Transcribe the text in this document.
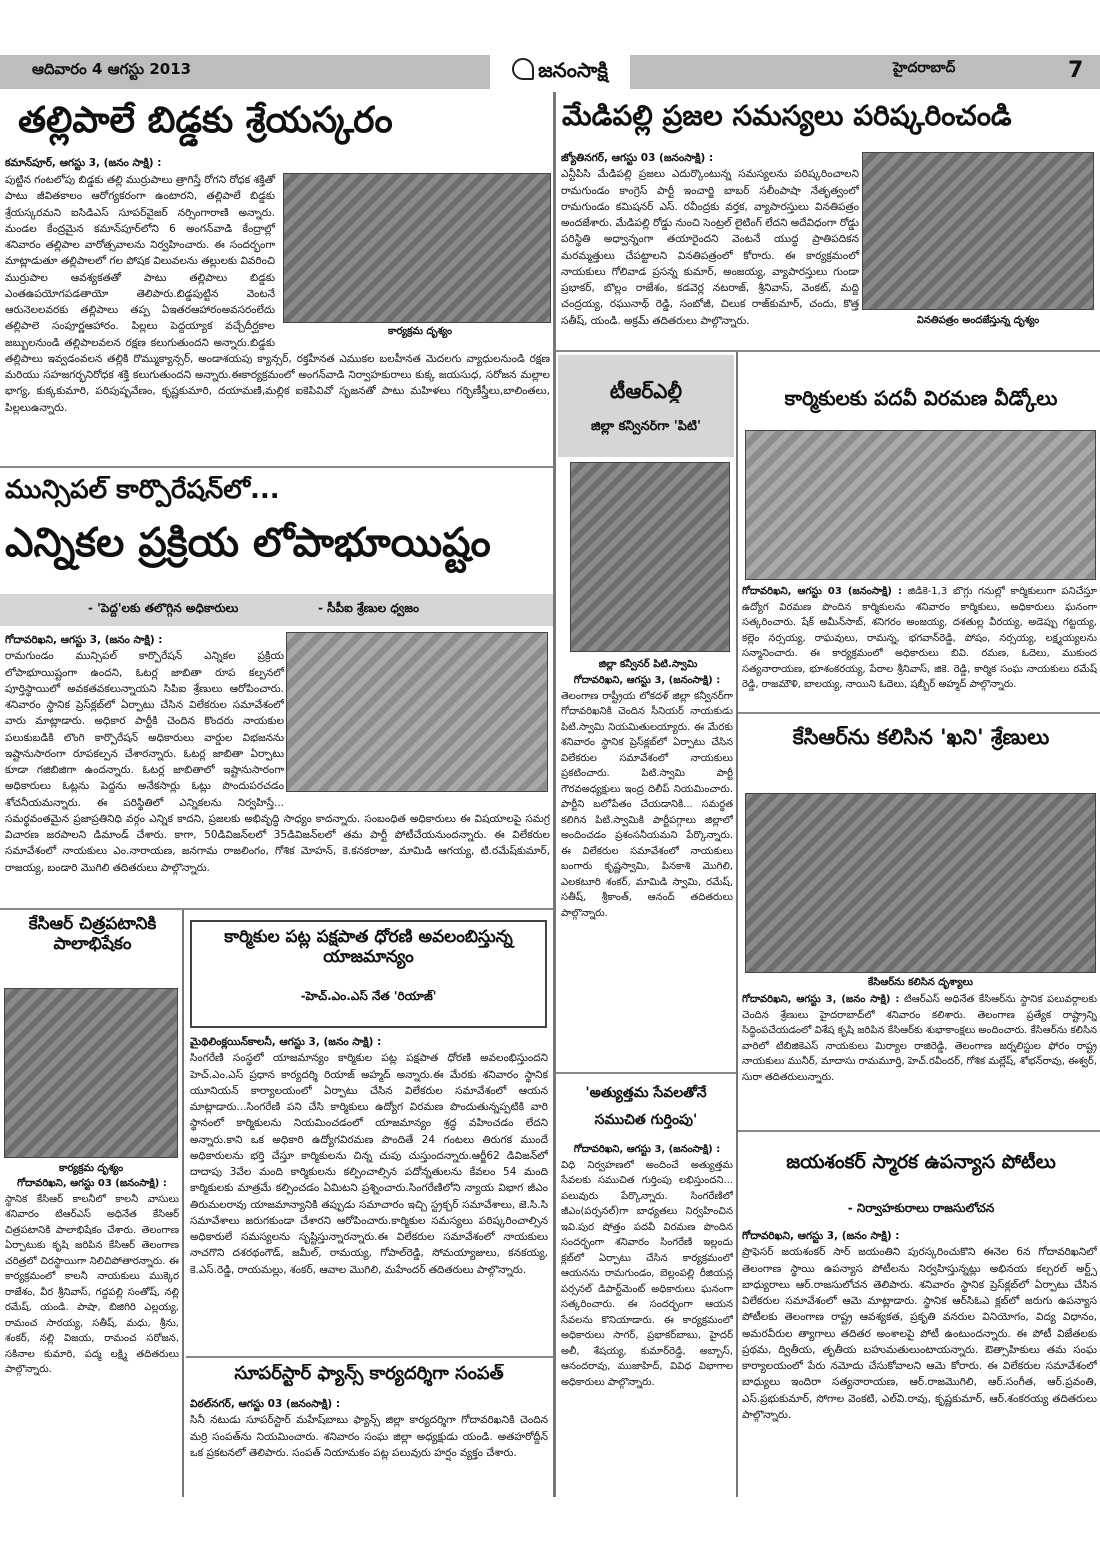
ఆదివారం 4 ఆగస్టు 2013	జనంసాక్షి	హైదరాబాద్	7
తల్లిపాలే బిడ్డకు శ్రేయస్కరం
కార్యక్రమ దృశ్యం
కమాన్‌పూర్, ఆగస్టు 3, (జనం సాక్షి) :
పుట్టిన గంటలోపు బిడ్డకు తల్లి ముర్రుపాలు త్రాగిస్తే రోగని రోధక శక్తితో పాటు జీవితకాలం ఆరోగ్యకరంగా ఉంటారని, తల్లిపాలే బిడ్డకు శ్రేయస్కరమని ఐసిడిఎస్ సూపర్‌వైజర్ నర్సింగారాణి అన్నారు. మండల కేంద్రమైన కమాన్‌పూర్‌లోని 6 అంగన్‌వాడి కేంద్రాల్లో శనివారం తల్లిపాల వారోత్సవాలను నిర్వహించారు. ఈ సందర్భంగా మాట్లాడుతూ తల్లిపాలలో గల పోషక విలువలను తల్లులకు వివరించి ముర్రుపాల ఆవశ్యకతతో పాటు తల్లిపాలు బిడ్డకు ఎంతఉపయోగపడతాయో తెలిపారు.బిడ్డపుట్టిన వెంటనే ఆరునెలలవరకు తల్లిపాలు తప్ప ఏఇతరఆహారంఅవసరంలేదు తల్లిపాలె సంపూర్ణఆహారం. పిల్లలు పెద్దయ్యాక వచ్చేదీర్ఘకాల జబ్బులనుండి తల్లిపాలవలన రక్షణ కలుగుతుందని అన్నారు.బిడ్డకు తల్లిపాలు ఇవ్వడంవలన తల్లికి రొమ్ముక్యాన్సర్, అండాశయపు క్యాన్సర్, రక్తహీనత ఎముకల బలహీనత మెదలగు వ్యాధులనుండి రక్షణ మరియు సహజగర్భనిరోధక శక్తి కలుగుతుందని అన్నారు.ఈకార్యక్రమంలో అంగన్‌వాడి నిర్వాహకురాలు కుక్క జయసుధ, సరోజన మల్లాల భాగ్య, కుక్కకుమారి, పరిపుష్పవేణం, కృష్ణకుమారి, దయామణి,మల్లిక ఐకెపివివో సృజనతో పాటు మహిళలు గర్భిణీస్త్రీలు,బాలింతలు, పిల్లలుఉన్నారు.
మున్సిపల్ కార్పొరేషన్‌లో...
ఎన్నికల ప్రక్రియ లోపాభూయిష్టం
- 'పెద్ద'లకు తలొగ్గిన అధికారులు	- సీపీఐ శ్రేణుల ధ్వజం
గోదావరిఖని, ఆగస్టు 3, (జనం సాక్షి) :
రామగుండం మున్సిపల్ కార్పొరేషన్ ఎన్నికల ప్రక్రియ లోపాభూయిష్టంగా ఉందని, ఓటర్ల జాబితా రూప కల్పనలో పూర్తిస్థాయిలో అవకతవకలున్నాయని సిపిఐ శ్రేణులు ఆరోపించారు. శనివారం స్థానిక ప్రెస్‌క్లబ్‌లో ఏర్పాటు చేసిన విలేకరుల సమావేశంలో వారు మాట్లాడారు. అధికార పార్టీకి చెందిన కొందరు నాయకుల పలుకుబడికి లొంగి కార్పొరేషన్ అధికారులు వార్డుల విభజనను ఇష్టానుసారంగా రూపకల్పన చేశారన్నారు. ఓటర్ల జాబితా ఏర్పాటు కూడా గజిబిజిగా ఉందన్నారు. ఓటర్ల జాబితాలో ఇష్టానుసారంగా అధికారులు ఓట్లను పెద్దను అనేకసార్లు ఓట్లు పొందుపరచడం శోచనీయమన్నారు. ఈ పరిస్థితిలో ఎన్నికలను నిర్వహిస్తే... సమర్థవంతమైన ప్రజాప్రతినిధి వర్గం ఎన్నిక కాదని, ప్రజలకు అభివృద్ధి సాధ్యం కాదన్నారు. సంబంధిత అధికారులు ఈ విషయాలపై సమగ్ర విచారణ జరపాలని డిమాండ్ చేశారు. కాగా, 50డివిజన్‌లలో 35డివిజన్‌లలో తమ పార్టీ పోటీచేయనుందన్నారు. ఈ విలేకరుల సమావేశంలో నాయకులు ఎం.నారాయణ, జనగామ రాజలింగం, గోశిక మోహన్, కె.కనకరాజు, మామిడి ఆగయ్య, టి.రమేష్‌కుమార్, రాజయ్య, బండారి మొగిలి తదితరులు పాల్గొన్నారు.
కేసిఆర్ చిత్రపటానికి పాలాభిషేకం
కార్యక్రమ దృశ్యం
గోదావరిఖని, ఆగస్టు 03 (జనంసాక్షి) :
స్థానిక కేసిఆర్ కాలనీలో కాలనీ వాసులు శనివారం టిఆర్ఎస్ అధినేత కేసిఆర్ చిత్రపటానికి పాలాభిషేకం చేశారు. తెలంగాణ ఏర్పాటుకు కృషి జరిపిన కేసిఆర్ తెలంగాణ చరిత్రలో చిరస్థాయిగా నిలిచిపోతారన్నారు. ఈ కార్యక్రమంలో కాలనీ నాయకులు ముక్కెర రాజేశం, వీర శ్రీనివాస్, గద్దపల్లి సంతోష్, నల్లి రమేష్, యండి. పాషా, బిజిగిరి ఎల్లయ్య, రామంచ సారయ్య, సతీష్, మధు, శ్రీను, శంకర్, నల్లి విజయ, రామంచ సరోజన, సకినాల కుమారి, పద్మ లక్ష్మి తదితరులు పాల్గొన్నారు.
కార్మికుల పట్ల పక్షపాత ధోరణి అవలంబిస్తున్న యాజమాన్యం
-హెచ్.ఎం.ఎస్ నేత 'రియాజ్'
మైథిలింక్లయిన్‌కాలనీ, ఆగస్టు 3, (జనం సాక్షి) :
సింగరేణి సంస్థలో యాజమాన్యం కార్మికుల పట్ల పక్షపాత ధోరణి అవలంభిస్తుందని హెచ్.ఎం.ఎస్ ప్రధాన కార్యదర్శి రియాజ్ అహ్మద్ అన్నారు.ఈ మేరకు శనివారం స్థానిక యూనియన్ కార్యాలయంలో ఏర్పాటు చేసిన విలేకరుల సమావేశంలో ఆయన మాట్లాడారు...సింగరేణి పని చేసి కార్మికులు ఉద్యోగ విరమణ పొందుతున్నప్పటికి వారి స్థానంలో కార్మికులను నియమించడంలో యాజమాన్యం శ్రద్ధ వహించడం లేదని అన్నారు.కాని ఒక అధికారి ఉద్యోగవిరమణ పొందితే 24 గంటలు తిరుగక ముందే అధికారులను భర్తి చేస్తూ కార్మికులను చిన్న చుపు చుస్తుందన్నారు.ఆర్జీ62 డివిజన్‌లో దాదాపు 3వేల మంది కార్మికులను కల్పించాల్సిన పదోన్నతులను కేవలం 54 మంది కార్మికులకు మాత్రమే కల్పించడం ఏమిటని ప్రశ్నించారు.సింగరేణిలోని న్యాయ విభాగ జీఎం తిరుమలరావు యాజమాన్యానికి తప్పుడు సమాచారం ఇచ్చి స్ట్రక్చర్ సమావేశాలు, జె.సి.సి సమావేశాలు జరుగకుండా చేశారని ఆరోపించారు.కార్మికుల సమస్యలు పరిష్కరించాల్సిన అధికారులే సమస్యలను సృష్టిస్తున్నారన్నారు.ఈ విలేకరుల సమావేశంలో నాయకులు నాచగొని దశరథంగౌడ్, జమీల్, రామయ్య, గోపాల్‌రెడ్డి, సోమయ్యాజులు, కనకయ్య, కె.ఎస్.రెడ్డి, రాయమల్లు, శంకర్, ఆవాల మొగిలి, మహేందర్ తదితరులు పాల్గొన్నారు.
సూపర్‌స్టార్ ఫ్యాన్స్ కార్యదర్శిగా సంపత్
విఠల్‌నగర్, ఆగస్టు 03 (జనంసాక్షి) :
సినీ నటుడు సూపర్‌స్టార్ మహేష్‌బాబు ఫ్యాన్స్ జిల్లా కార్యదర్శిగా గోదావరిఖనికి చెందిన మర్రి సంపత్‌ను నియమించారు. శనివారం సంఘ జిల్లా అధ్యక్షుడు యండి. అతహరోద్దీన్ ఒక ప్రకటనలో తెలిపారు. సంపత్ నియామకం పట్ల పలువురు హర్షం వ్యక్తం చేశారు.
మేడిపల్లి ప్రజల సమస్యలు పరిష్కరించండి
వినతిపత్రం అందజేస్తున్న దృశ్యం
జ్యోతినగర్, ఆగస్టు 03 (జనంసాక్షి) :
ఎన్టీపిసి మేడిపల్లి ప్రజలు ఎదుర్కొంటున్న సమస్యలను పరిష్కరించాలని రామగుండం కాంగ్రెస్ పార్టీ ఇంచార్జి బాబర్ సలీంపాషా నేతృత్వంలో రామగుండం కమిషనర్ ఎస్. రవీంద్రకు వర్తక, వ్యాపారస్తులు వినతిపత్రం అందజేశారు. మేడిపల్లి రోడ్డు నుంచి సెంట్రల్ లైటింగ్ లేదని అదేవిధంగా రోడ్డు పరిస్థితి అధ్వాన్నంగా తయారైందని వెంటనే యుద్ధ ప్రాతిపదికన మరమ్మత్తులు చేపట్టాలని వినతిపత్రంలో కోరారు. ఈ కార్యక్రమంలో నాయకులు గోలివాడ ప్రసన్న కుమార్, అంజయ్య, వ్యాపారస్తులు గుండా ప్రభాకర్, బొల్లం రాజేశం, కడవెర్ల నటరాజ్, శ్రీనివాస్, వెంకట్, మద్ది చంద్రయ్య, రఘునాథ్ రెడ్డి, సంబోజీ, చిలుక రాజ్‌కుమార్, చందు, కొత్త సతీష్, యండి. అక్రమ్ తదితరులు పాల్గొన్నారు.
టీఆర్ఎల్డీ
జిల్లా కన్వీనర్‌గా 'పిటి'
జిల్లా కన్వీనర్ పిటి.స్వామి
గోదావరిఖని, ఆగస్టు 3, (జనంసాక్షి) :
తెలంగాణ రాష్ట్రీయ లోకదళ్ జిల్లా కన్వీనర్‌గా గోదావరిఖనికి చెందిన సీనియర్ నాయకుడు పిటి.స్వామి నియమితులయ్యారు. ఈ మేరకు శనివారం స్థానిక ప్రెస్‌క్లబ్‌లో ఏర్పాటు చేసిన విలేకరుల సమావేశంలో నాయకులు ప్రకటించారు. పిటి.స్వామి పార్టీ గౌరవఅధ్యక్షులు ఇంద్ర దిలీప్ నియమించారు. పార్టీని బలోపేతం చేయడానికి... సమర్థత కలిగిన పిటి.స్వామికి పార్టీపగ్గాలు జిల్లాలో అందించడం ప్రశంసనీయమని పేర్కొన్నారు. ఈ విలేకరుల సమావేశంలో నాయకులు బంగారు కృష్ణస్వామి, పినకాశి మొగిలి, ఎలకటూరి శంకర్, మామిడి స్వామి, రమేష్, సతీష్, శ్రీకాంత్, ఆనంద్ తదితరులు పాల్గొన్నారు.
'అత్యుత్తమ సేవలతోనే సముచిత గుర్తింపు'
గోదావరిఖని, ఆగస్టు 3, (జనంసాక్షి) :
విధి నిర్వహణలో అందించే అత్యుత్తమ సేవలకు సముచిత గుర్తింపు లభిస్తుందని... పలువురు పేర్కొన్నారు. సింగరేణిలో జీఎం(పర్సనల్)గా బాధ్యతలు నిర్వహించిన ఇవి.పుర షోత్తం పదవీ విరమణ పొందిన సందర్భంగా శనివారం సింగరేణి ఇల్లందు క్లబ్‌లో ఏర్పాటు చేసిన కార్యక్రమంలో ఆయనను రామగుండం, బెల్లంపల్లి రీజియన్ల పర్సనల్ డిపార్ట్‌మెంట్ అధికారులు ఘనంగా సత్కరించారు. ఈ సందర్భంగా ఆయన సేవలను కొనియాడారు. ఈ కార్యక్రమంలో అధికారులు సాగర్, ప్రభాకర్‌బాబు, హైదర్ అలీ, శేషయ్య, కుమార్‌రెడ్డి, అబ్బాస్, ఆనందరావు, ముజాహిద్, వివిధ విభాగాల అధికారులు పాల్గొన్నారు.
కార్మికులకు పదవీ విరమణ వీడ్కోలు
గోదావరిఖని, ఆగస్టు 03 (జనంసాక్షి) : జిడికె-1,3 బొగ్గు గనుల్లో కార్మికులుగా పనిచేస్తూ ఉద్యోగ విరమణ పొందిన కార్మికులను శనివారం కార్మికులు, అధికారులు ఘనంగా సత్కరించారు. షేక్ అమీన్‌సాబ్, శనిగరం అంజయ్య, దశతుల్ల వీరయ్య, అడెప్పు గట్టయ్య, కల్లెం నర్సయ్య, రాఘవులు, రామన్న, భగవాన్‌రెడ్డి, పోషం, నర్సయ్య, లక్ష్మయ్యలను సన్మానించారు. ఈ కార్యక్రమంలో అధికారులు బివి. రమణ, ఓదెలు, ముకుంద సత్యనారాయణ, భూశంకరయ్య, పేరాల శ్రీనివాస్, జికె. రెడ్డి, కార్మిక సంఘ నాయకులు రమేష్ రెడ్డి, రాజమౌళి, బాలయ్య, నాయిని ఓదెలు, షబ్బీర్ అహ్మద్ పాల్గొన్నారు.
కేసిఆర్‌ను కలిసిన 'ఖని' శ్రేణులు
కేసిఆర్‌ను కలిసిన దృశ్యాలు
గోదావరిఖని, ఆగస్టు 3, (జనం సాక్షి) : టిఆర్ఎస్ అధినేత కేసిఆర్‌ను స్థానిక పలువర్గాలకు చెందిన శ్రేణులు హైదరాబాద్‌లో శనివారం కలిశారు. తెలంగాణ ప్రత్యేక రాష్ట్రాన్ని సిద్ధింపచేయడంలో విశేష కృషి జరిపిన కేసిఆర్‌కు శుభాకాంక్షలు అందించారు. కేసిఆర్‌ను కలిసిన వారిలో టిబిజికెఎస్ నాయకులు మిర్యాల రాజిరెడ్డి, తెలంగాణ జర్నలిస్టుల ఫోరం రాష్ట్ర నాయకులు మునీర్, మాదాసు రామమూర్తి, హెచ్.రవీందర్, గోశిక మల్లేష్, శోభన్‌రావు, ఈశ్వర్, సురా తదితరులున్నారు.
జయశంకర్ స్మారక ఉపన్యాస పోటీలు
- నిర్వాహకురాలు రాజసులోచన
గోదావరిఖని, ఆగస్టు 3, (జనం సాక్షి) :
ప్రొఫెసర్ జయశంకర్ సార్ జయంతిని పురస్కరించుకొని ఈనెల 6న గోదావరిఖనిలో తెలంగాణ స్థాయి ఉపన్యాస పోటీలను నిర్వహిస్తున్నట్లు అభినయ కల్చరల్ అర్ట్స్ బాధ్యురాలు ఆర్.రాజసులోచన తెలిపారు. శనివారం స్థానిక ప్రెస్‌క్లబ్‌లో ఏర్పాటు చేసిన విలేకరుల సమావేశంలో ఆమె మాట్లాడారు. స్థానిక ఆర్‌సిఓఎ క్లబ్‌లో జరుగు ఉపన్యాస పోటీలకు తెలంగాణ రాష్ట్ర ఆవశ్యకత, ప్రకృతి వనరుల వినియోగం, విద్య విధానం, అమరవీరుల త్యాగాలు తదితర అంశాలపై పోటీ ఉంటుందన్నారు. ఈ పోటీ విజేతలకు ప్రథమ, ద్వితీయ, తృతీయ బహుమతులుంటాయన్నారు. ఔత్సాహికులు తమ సంఘ కార్యాలయంలో పేరు నమోదు చేసుకోవాలని ఆమె కోరారు. ఈ విలేకరుల సమావేశంలో బాధ్యులు ఇందిరా సత్యనారాయణ, ఆర్.రాజమొగిలి, ఆర్.సంగీత, ఆర్.ప్రవంతి, ఎస్.ప్రభుకుమార్, సోగాల వెంకటి, ఎల్‌వి.రావు, కృష్ణకుమార్, ఆర్.శంకరయ్య తదితరులు పాల్గొన్నారు.
